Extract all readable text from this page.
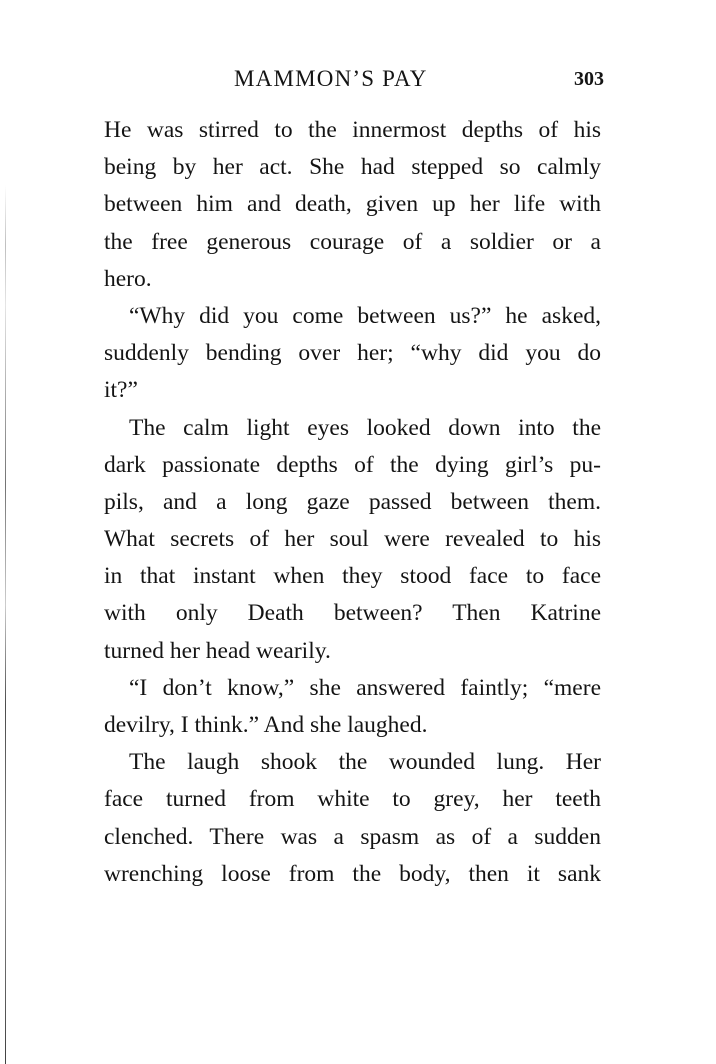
MAMMON’S PAY	303
He was stirred to the innermost depths of his
being by her act. She had stepped so calmly
between him and death, given up her life with
the free generous courage of a soldier or a
hero.
“Why did you come between us?” he asked,
suddenly bending over her; “why did you do
it?”
The calm light eyes looked down into the
dark passionate depths of the dying girl’s pu-
pils, and a long gaze passed between them.
What secrets of her soul were revealed to his
in that instant when they stood face to face
with only Death between? Then Katrine
turned her head wearily.
“I don’t know,” she answered faintly; “mere
devilry, I think.” And she laughed.
The laugh shook the wounded lung. Her
face turned from white to grey, her teeth
clenched. There was a spasm as of a sudden
wrenching loose from the body, then it sank
